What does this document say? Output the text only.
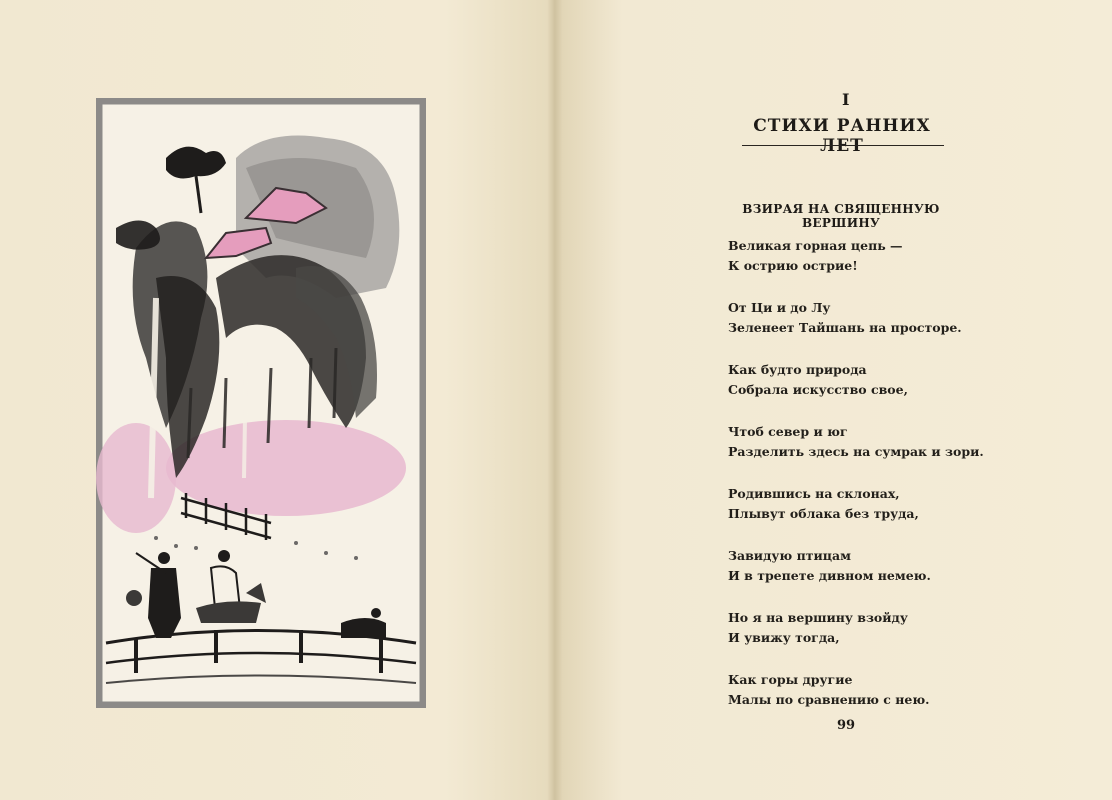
I
СТИХИ РАННИХ ЛЕТ
ВЗИРАЯ НА СВЯЩЕННУЮ ВЕРШИНУ
Великая горная цепь —
К острию острие!
От Ци и до Лу
Зеленеет Тайшань на просторе.
Как будто природа
Собрала искусство свое,
Чтоб север и юг
Разделить здесь на сумрак и зори.
Родившись на склонах,
Плывут облака без труда,
Завидую птицам
И в трепете дивном немею.
Но я на вершину взойду
И увижу тогда,
Как горы другие
Малы по сравнению с нею.
99
